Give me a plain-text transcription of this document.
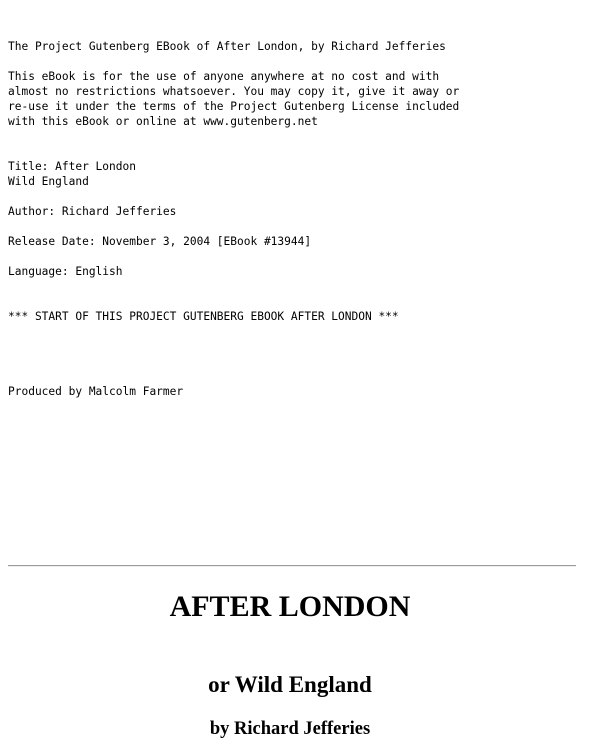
The Project Gutenberg EBook of After London, by Richard Jefferies
This eBook is for the use of anyone anywhere at no cost and with
almost no restrictions whatsoever. You may copy it, give it away or
re-use it under the terms of the Project Gutenberg License included
with this eBook or online at www.gutenberg.net
Title: After London
Wild England
Author: Richard Jefferies
Release Date: November 3, 2004 [EBook #13944]
Language: English
*** START OF THIS PROJECT GUTENBERG EBOOK AFTER LONDON ***
Produced by Malcolm Farmer
AFTER LONDON
or Wild England
by Richard Jefferies
